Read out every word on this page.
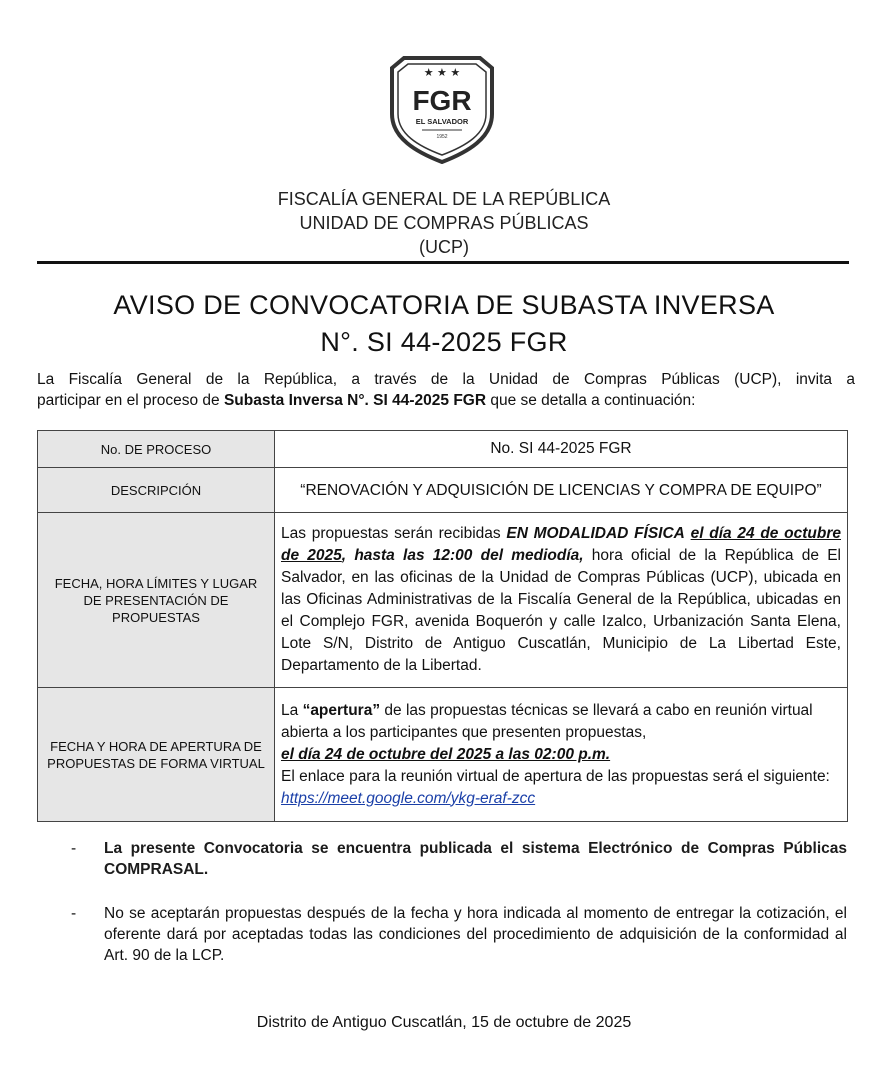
★ ★ ★
FGR
EL SALVADOR
1952
FISCALÍA GENERAL DE LA REPÚBLICA
UNIDAD DE COMPRAS PÚBLICAS
(UCP)
AVISO DE CONVOCATORIA DE SUBASTA INVERSA
N°. SI 44-2025 FGR
La Fiscalía General de la República, a través de la Unidad de Compras Públicas (UCP), invita a
participar en el proceso de Subasta Inversa N°. SI 44-2025 FGR que se detalla a continuación:
No. DE PROCESO	No. SI 44-2025 FGR
DESCRIPCIÓN	“RENOVACIÓN Y ADQUISICIÓN DE LICENCIAS Y COMPRA DE EQUIPO”
FECHA, HORA LÍMITES Y LUGAR DE PRESENTACIÓN DE PROPUESTAS	Las propuestas serán recibidas EN MODALIDAD FÍSICA el día 24 de octubre de 2025, hasta las 12:00 del mediodía, hora oficial de la República de El Salvador, en las oficinas de la Unidad de Compras Públicas (UCP), ubicada en las Oficinas Administrativas de la Fiscalía General de la República, ubicadas en el Complejo FGR, avenida Boquerón y calle Izalco, Urbanización Santa Elena, Lote S/N, Distrito de Antiguo Cuscatlán, Municipio de La Libertad Este, Departamento de la Libertad.
FECHA Y HORA DE APERTURA DE PROPUESTAS DE FORMA VIRTUAL	La “apertura” de las propuestas técnicas se llevará a cabo en reunión virtual abierta a los participantes que presenten propuestas,
el día 24 de octubre del 2025 a las 02:00 p.m.
El enlace para la reunión virtual de apertura de las propuestas será el siguiente:
https://meet.google.com/ykg-eraf-zcc
- La presente Convocatoria se encuentra publicada el sistema Electrónico de Compras Públicas COMPRASAL.
- No se aceptarán propuestas después de la fecha y hora indicada al momento de entregar la cotización, el oferente dará por aceptadas todas las condiciones del procedimiento de adquisición de la conformidad al Art. 90 de la LCP.
Distrito de Antiguo Cuscatlán, 15 de octubre de 2025
